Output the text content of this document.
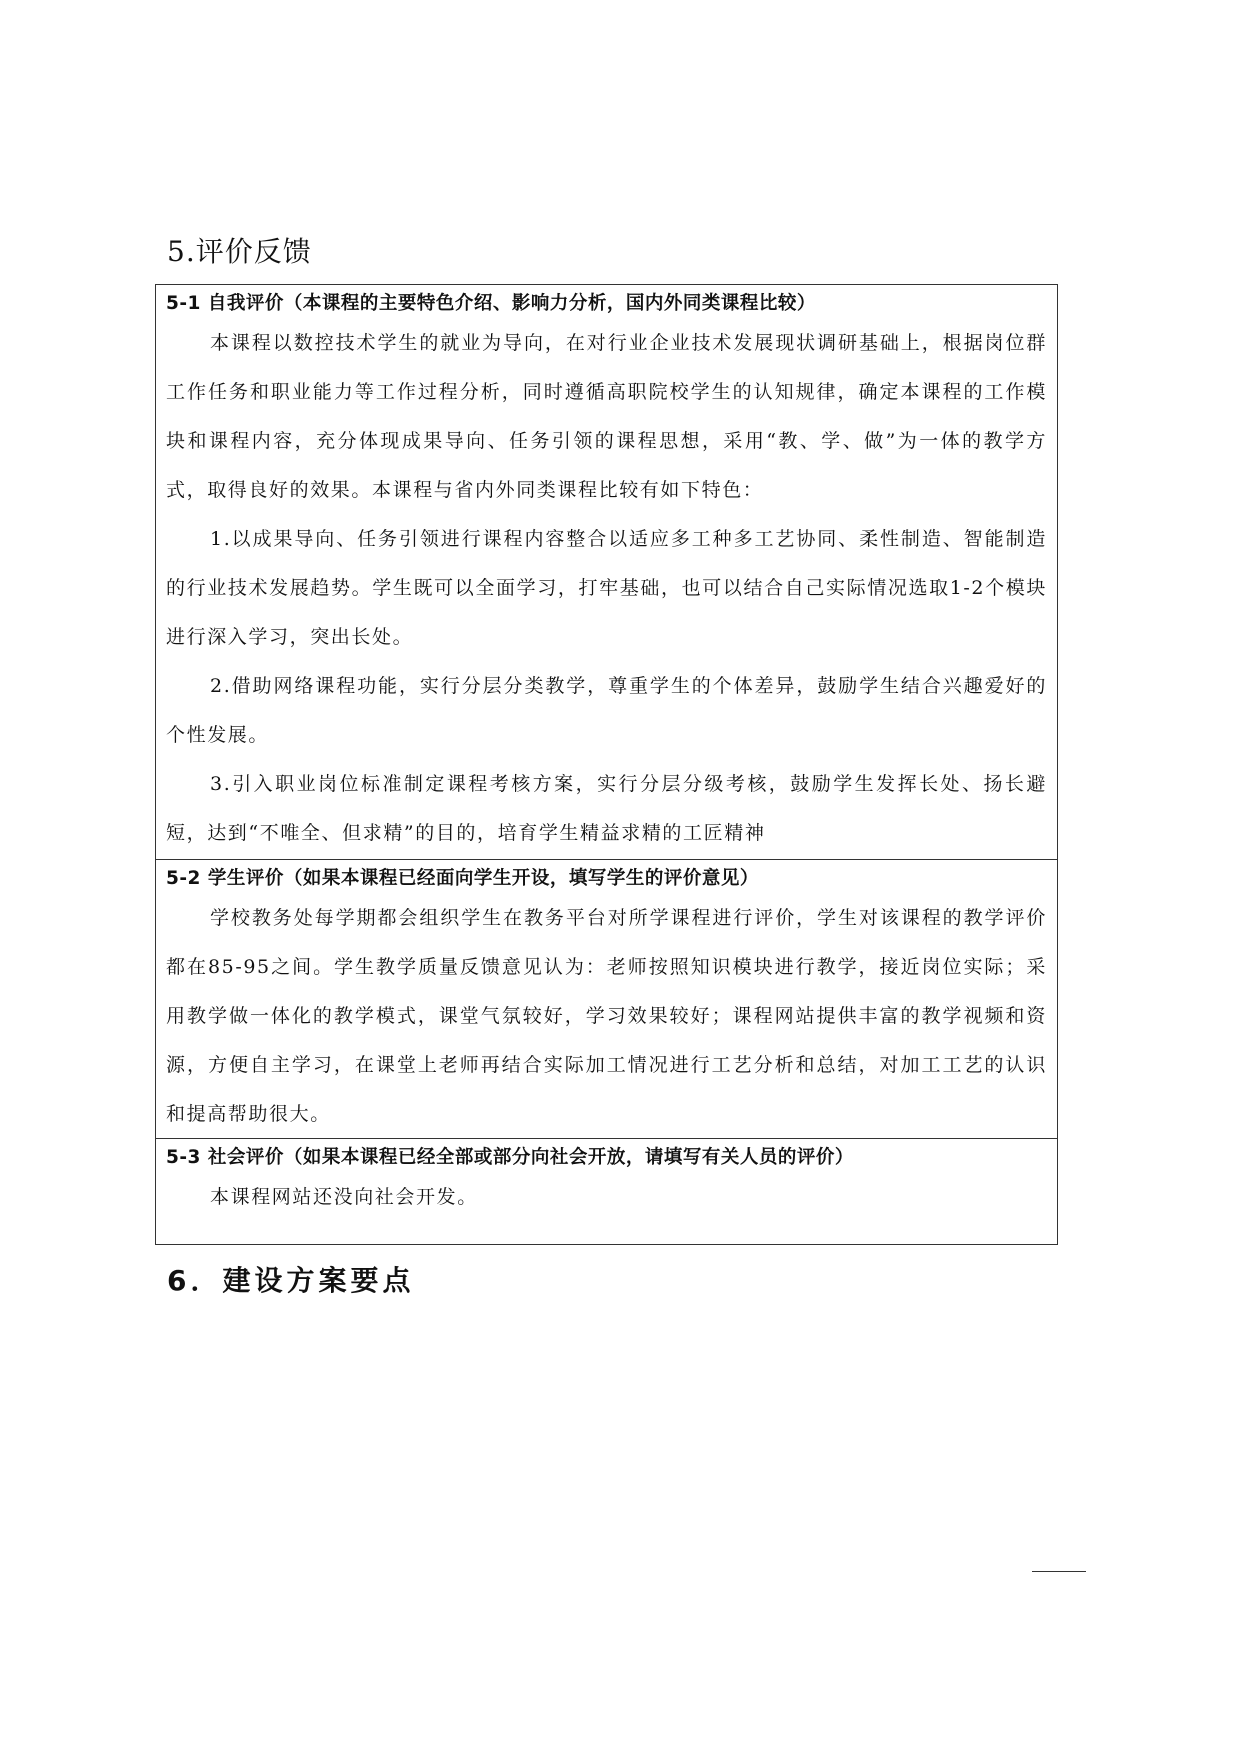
5.评价反馈

5-1 自我评价（本课程的主要特色介绍、影响力分析，国内外同类课程比较）

本课程以数控技术学生的就业为导向，在对行业企业技术发展现状调研基础上，根据岗位群工作任务和职业能力等工作过程分析，同时遵循高职院校学生的认知规律，确定本课程的工作模块和课程内容，充分体现成果导向、任务引领的课程思想，采用“教、学、做”为一体的教学方式，取得良好的效果。本课程与省内外同类课程比较有如下特色：

1.以成果导向、任务引领进行课程内容整合以适应多工种多工艺协同、柔性制造、智能制造的行业技术发展趋势。学生既可以全面学习，打牢基础，也可以结合自己实际情况选取1-2个模块进行深入学习，突出长处。

2.借助网络课程功能，实行分层分类教学，尊重学生的个体差异，鼓励学生结合兴趣爱好的个性发展。

3.引入职业岗位标准制定课程考核方案，实行分层分级考核，鼓励学生发挥长处、扬长避短，达到“不唯全、但求精”的目的，培育学生精益求精的工匠精神

5-2 学生评价（如果本课程已经面向学生开设，填写学生的评价意见）

学校教务处每学期都会组织学生在教务平台对所学课程进行评价，学生对该课程的教学评价都在85-95之间。学生教学质量反馈意见认为：老师按照知识模块进行教学，接近岗位实际；采用教学做一体化的教学模式，课堂气氛较好，学习效果较好；课程网站提供丰富的教学视频和资源，方便自主学习，在课堂上老师再结合实际加工情况进行工艺分析和总结，对加工工艺的认识和提高帮助很大。

5-3 社会评价（如果本课程已经全部或部分向社会开放，请填写有关人员的评价）

本课程网站还没向社会开发。

6．建设方案要点
